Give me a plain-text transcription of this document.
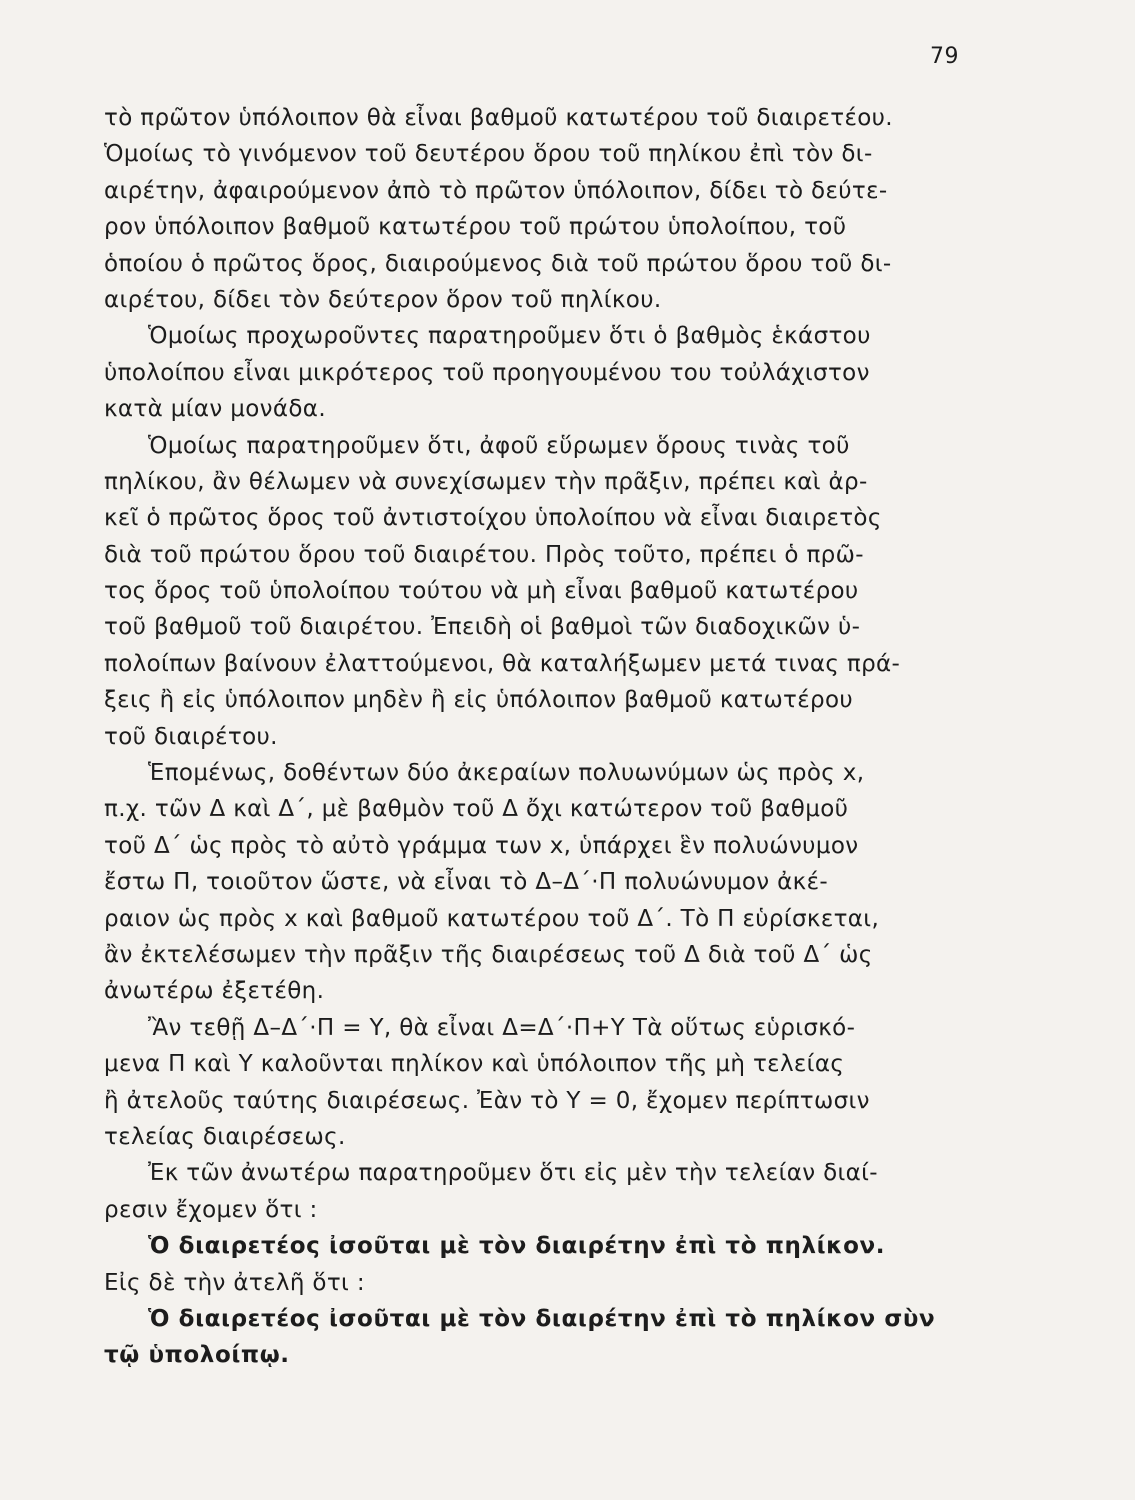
79
τὸ πρῶτον ὑπόλοιπον θὰ εἶναι βαθμοῦ κατωτέρου τοῦ διαιρετέου.
Ὁμοίως τὸ γινόμενον τοῦ δευτέρου ὅρου τοῦ πηλίκου ἐπὶ τὸν δι-
αιρέτην, ἀφαιρούμενον ἀπὸ τὸ πρῶτον ὑπόλοιπον, δίδει τὸ δεύτε-
ρον ὑπόλοιπον βαθμοῦ κατωτέρου τοῦ πρώτου ὑπολοίπου, τοῦ
ὁποίου ὁ πρῶτος ὅρος, διαιρούμενος διὰ τοῦ πρώτου ὅρου τοῦ δι-
αιρέτου, δίδει τὸν δεύτερον ὅρον τοῦ πηλίκου.
Ὁμοίως προχωροῦντες παρατηροῦμεν ὅτι ὁ βαθμὸς ἑκάστου
ὑπολοίπου εἶναι μικρότερος τοῦ προηγουμένου του τοὐλάχιστον
κατὰ μίαν μονάδα.
Ὁμοίως παρατηροῦμεν ὅτι, ἀφοῦ εὕρωμεν ὅρους τινὰς τοῦ
πηλίκου, ἂν θέλωμεν νὰ συνεχίσωμεν τὴν πρᾶξιν, πρέπει καὶ ἀρ-
κεῖ ὁ πρῶτος ὅρος τοῦ ἀντιστοίχου ὑπολοίπου νὰ εἶναι διαιρετὸς
διὰ τοῦ πρώτου ὅρου τοῦ διαιρέτου. Πρὸς τοῦτο, πρέπει ὁ πρῶ-
τος ὅρος τοῦ ὑπολοίπου τούτου νὰ μὴ εἶναι βαθμοῦ κατωτέρου
τοῦ βαθμοῦ τοῦ διαιρέτου. Ἐπειδὴ οἱ βαθμοὶ τῶν διαδοχικῶν ὑ-
πολοίπων βαίνουν ἐλαττούμενοι, θὰ καταλήξωμεν μετά τινας πρά-
ξεις ἢ εἰς ὑπόλοιπον μηδὲν ἢ εἰς ὑπόλοιπον βαθμοῦ κατωτέρου
τοῦ διαιρέτου.
Ἑπομένως, δοθέντων δύο ἀκεραίων πολυωνύμων ὡς πρὸς x,
π.χ. τῶν Δ καὶ Δ΄, μὲ βαθμὸν τοῦ Δ ὄχι κατώτερον τοῦ βαθμοῦ
τοῦ Δ΄ ὡς πρὸς τὸ αὐτὸ γράμμα των x, ὑπάρχει ἓν πολυώνυμον
ἔστω Π, τοιοῦτον ὥστε, νὰ εἶναι τὸ Δ–Δ΄·Π πολυώνυμον ἀκέ-
ραιον ὡς πρὸς x καὶ βαθμοῦ κατωτέρου τοῦ Δ΄. Τὸ Π εὑρίσκεται,
ἂν ἐκτελέσωμεν τὴν πρᾶξιν τῆς διαιρέσεως τοῦ Δ διὰ τοῦ Δ΄ ὡς
ἀνωτέρω ἐξετέθη.
Ἂν τεθῇ Δ–Δ΄·Π = Υ, θὰ εἶναι Δ=Δ΄·Π+Υ Τὰ οὕτως εὑρισκό-
μενα Π καὶ Υ καλοῦνται πηλίκον καὶ ὑπόλοιπον τῆς μὴ τελείας
ἢ ἀτελοῦς ταύτης διαιρέσεως. Ἐὰν τὸ Υ = 0, ἔχομεν περίπτωσιν
τελείας διαιρέσεως.
Ἐκ τῶν ἀνωτέρω παρατηροῦμεν ὅτι εἰς μὲν τὴν τελείαν διαί-
ρεσιν ἔχομεν ὅτι :
Ὁ διαιρετέος ἰσοῦται μὲ τὸν διαιρέτην ἐπὶ τὸ πηλίκον.
Εἰς δὲ τὴν ἀτελῆ ὅτι :
Ὁ διαιρετέος ἰσοῦται μὲ τὸν διαιρέτην ἐπὶ τὸ πηλίκον σὺν
τῷ ὑπολοίπῳ.
